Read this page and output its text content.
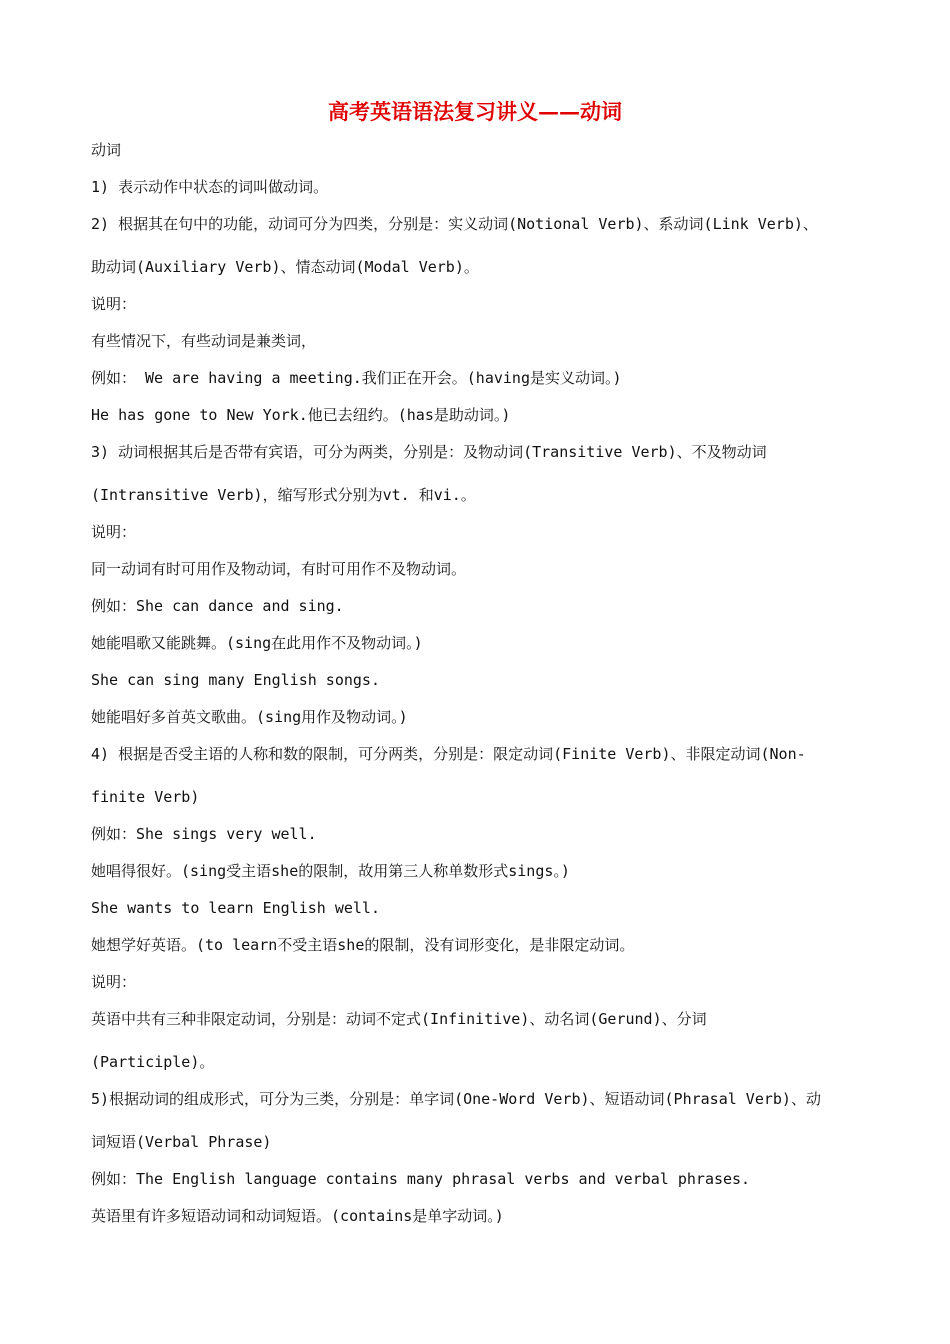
高考英语语法复习讲义——动词

动词

1) 表示动作中状态的词叫做动词。

2) 根据其在句中的功能，动词可分为四类，分别是：实义动词(Notional Verb)、系动词(Link Verb)、

助动词(Auxiliary Verb)、情态动词(Modal Verb)。

说明：

有些情况下，有些动词是兼类词，

例如： We are having a meeting.我们正在开会。(having是实义动词。)

He has gone to New York.他已去纽约。(has是助动词。)

3) 动词根据其后是否带有宾语，可分为两类，分别是：及物动词(Transitive Verb)、不及物动词

(Intransitive Verb)，缩写形式分别为vt. 和vi.。

说明：

同一动词有时可用作及物动词，有时可用作不及物动词。

例如：She can dance and sing.

她能唱歌又能跳舞。(sing在此用作不及物动词。)

She can sing many English songs.

她能唱好多首英文歌曲。(sing用作及物动词。)

4) 根据是否受主语的人称和数的限制，可分两类，分别是：限定动词(Finite Verb)、非限定动词(Non-

finite Verb)

例如：She sings very well.

她唱得很好。(sing受主语she的限制，故用第三人称单数形式sings。)

She wants to learn English well.

她想学好英语。(to learn不受主语she的限制，没有词形变化，是非限定动词。

说明：

英语中共有三种非限定动词，分别是：动词不定式(Infinitive)、动名词(Gerund)、分词

(Participle)。

5)根据动词的组成形式，可分为三类，分别是：单字词(One-Word Verb)、短语动词(Phrasal Verb)、动

词短语(Verbal Phrase)

例如：The English language contains many phrasal verbs and verbal phrases.

英语里有许多短语动词和动词短语。(contains是单字动词。)
